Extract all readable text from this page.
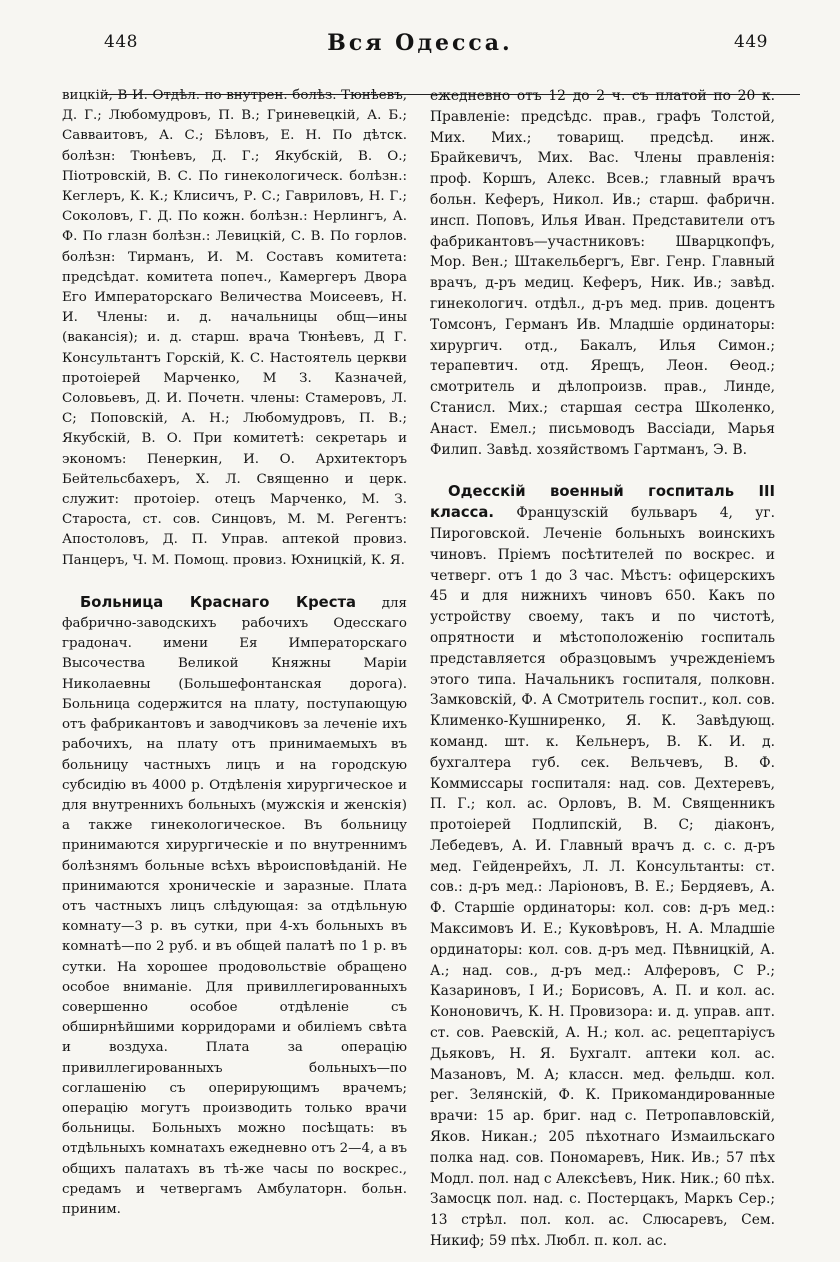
448	Вся Одесса.	449

вицкій, В И. Отдѣл. по внутрен. болѣз. Тюнѣевъ, Д. Г.; Любомудровъ, П. В.; Гриневецкій, А. Б.; Савваитовъ, А. С.; Бѣловъ, Е. Н. По дѣтск. болѣзн: Тюнѣевъ, Д. Г.; Якубскій, В. О.; Піотровскій, В. С. По гинекологическ. болѣзн.: Кеглеръ, К. К.; Клисичъ, Р. С.; Гавриловъ, Н. Г.; Соколовъ, Г. Д. По кожн. болѣзн.: Нерлингъ, А. Ф. По глазн болѣзн.: Левицкій, С. В. По горлов. болѣзн: Тирманъ, И. М. Составъ комитета: предсѣдат. комитета попеч., Камергеръ Двора Его Императорскаго Величества Моисеевъ, Н. И. Члены: и. д. начальницы общ—ины (вакансія); и. д. старш. врача Тюнѣевъ, Д Г. Консультантъ Горскій, К. С. Настоятель церкви протоіерей Марченко, М З. Казначей, Соловьевъ, Д. И. Почетн. члены: Стамеровъ, Л. С; Поповскій, А. Н.; Любомудровъ, П. В.; Якубскій, В. О. При комитетѣ: секретарь и экономъ: Пенеркин, И. О. Архитекторъ Бейтельсбахеръ, Х. Л. Священно и церк. служит: протоіер. отецъ Марченко, М. З. Староста, ст. сов. Синцовъ, М. М. Регентъ: Апостоловъ, Д. П. Управ. аптекой провиз. Панцеръ, Ч. М. Помощ. провиз. Юхницкій, К. Я.

Больница Краснаго Креста для фабрично-заводскихъ рабочихъ Одесскаго градонач. имени Ея Императорскаго Высочества Великой Княжны Маріи Николаевны (Большефонтанская дорога). Больница содержится на плату, поступающую отъ фабрикантовъ и заводчиковъ за леченіе ихъ рабочихъ, на плату отъ принимаемыхъ въ больницу частныхъ лицъ и на городскую субсидію въ 4000 р. Отдѣленія хирургическое и для внутреннихъ больныхъ (мужскія и женскія) а также гинекологическое. Въ больницу принимаются хирургическіе и по внутреннимъ болѣзнямъ больные всѣхъ вѣроисповѣданій. Не принимаются хроническіе и заразные. Плата отъ частныхъ лицъ слѣдующая: за отдѣльную комнату—3 р. въ сутки, при 4-хъ больныхъ въ комнатѣ—по 2 руб. и въ общей палатѣ по 1 р. въ сутки. На хорошее продовольствіе обращено особое вниманіе. Для привиллегированныхъ совершенно особое отдѣленіе съ обширнѣйшими корридорами и обиліемъ свѣта и воздуха. Плата за операцію привиллегированныхъ больныхъ—по соглашенію съ оперирующимъ врачемъ; операцію могутъ производить только врачи больницы. Больныхъ можно посѣщать: въ отдѣльныхъ комнатахъ ежедневно отъ 2—4, а въ общихъ палатахъ въ тѣ-же часы по воскрес., средамъ и четвергамъ Амбулаторн. больн. приним.

ежедневно отъ 12 до 2 ч. съ платой по 20 к. Правленіе: предсѣдс. прав., графъ Толстой, Мих. Мих.; товарищ. предсѣд. инж. Брайкевичъ, Мих. Вас. Члены правленія: проф. Коршъ, Алекс. Всев.; главный врачъ больн. Кеферъ, Никол. Ив.; старш. фабричн. инсп. Поповъ, Илья Иван. Представители отъ фабрикантовъ—участниковъ: Шварцкопфъ, Мор. Вен.; Штакельбергъ, Евг. Генр. Главный врачъ, д-ръ медиц. Кеферъ, Ник. Ив.; завѣд. гинекологич. отдѣл., д-ръ мед. прив. доцентъ Томсонъ, Германъ Ив. Младшіе ординаторы: хирургич. отд., Бакалъ, Илья Симон.; терапевтич. отд. Ярещъ, Леон. Ѳеод.; смотритель и дѣлопроизв. прав., Линде, Станисл. Мих.; старшая сестра Школенко, Анаст. Емел.; письмоводъ Вассіади, Марья Филип. Завѣд. хозяйствомъ Гартманъ, Э. В.

Одесскій военный госпиталь III класса. Французскій бульваръ 4, уг. Пироговской. Леченіе больныхъ воинскихъ чиновъ. Пріемъ посѣтителей по воскрес. и четверг. отъ 1 до 3 час. Мѣстъ: офицерскихъ 45 и для нижнихъ чиновъ 650. Какъ по устройству своему, такъ и по чистотѣ, опрятности и мѣстоположенію госпиталь представляется образцовымъ учрежденіемъ этого типа. Начальникъ госпиталя, полковн. Замковскій, Ф. А Смотритель госпит., кол. сов. Клименко-Кушниренко, Я. К. Завѣдующ. команд. шт. к. Кельнеръ, В. К. И. д. бухгалтера губ. сек. Вельчевъ, В. Ф. Коммиссары госпиталя: над. сов. Дехтеревъ, П. Г.; кол. ас. Орловъ, В. М. Священникъ протоіерей Подлипскій, В. С; діаконъ, Лебедевъ, А. И. Главный врачъ д. с. с. д-ръ мед. Гейденрейхъ, Л. Л. Консультанты: ст. сов.: д-ръ мед.: Ларіоновъ, В. Е.; Бердяевъ, А. Ф. Старшіе ординаторы: кол. сов: д-ръ мед.: Максимовъ И. Е.; Куковѣровъ, Н. А. Младшіе ординаторы: кол. сов. д-ръ мед. Пѣвницкій, А. А.; над. сов., д-ръ мед.: Алферовъ, С Р.; Казариновъ, I И.; Борисовъ, А. П. и кол. ас. Кононовичъ, К. Н. Провизора: и. д. управ. апт. ст. сов. Раевскій, А. Н.; кол. ас. рецептаріусъ Дьяковъ, Н. Я. Бухгалт. аптеки кол. ас. Мазановъ, М. А; классн. мед. фельдш. кол. рег. Зелянскій, Ф. К. Прикомандированные врачи: 15 ар. бриг. над с. Петропавловскій, Яков. Никан.; 205 пѣхотнаго Измаильскаго полка над. сов. Пономаревъ, Ник. Ив.; 57 пѣх Модл. пол. над с Алексѣевъ, Ник. Ник.; 60 пѣх. Замосцк пол. над. с. Постерцакъ, Маркъ Сер.; 13 стрѣл. пол. кол. ас. Слюсаревъ, Сем. Никиф; 59 пѣх. Любл. п. кол. ас.
